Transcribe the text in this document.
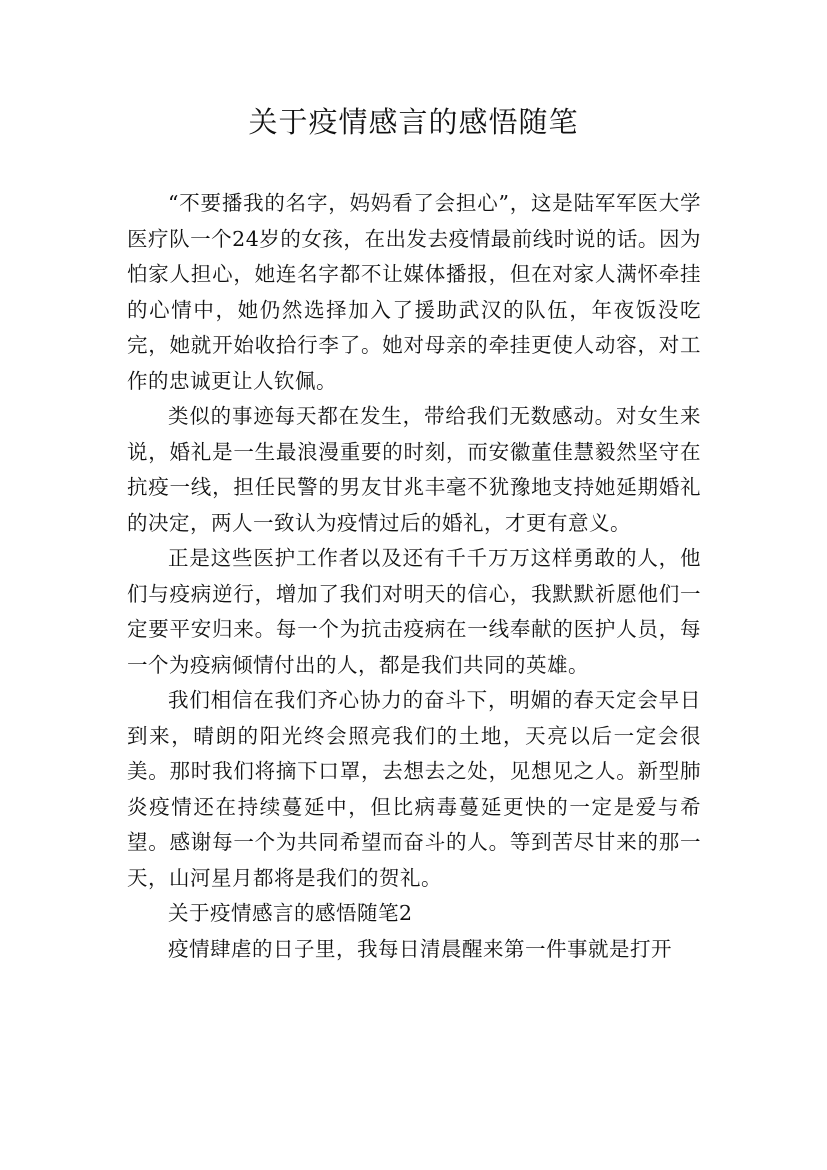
关于疫情感言的感悟随笔

“不要播我的名字，妈妈看了会担心”，这是陆军军医大学医疗队一个24岁的女孩，在出发去疫情最前线时说的话。因为怕家人担心，她连名字都不让媒体播报，但在对家人满怀牵挂的心情中，她仍然选择加入了援助武汉的队伍，年夜饭没吃完，她就开始收拾行李了。她对母亲的牵挂更使人动容，对工作的忠诚更让人钦佩。

类似的事迹每天都在发生，带给我们无数感动。对女生来说，婚礼是一生最浪漫重要的时刻，而安徽董佳慧毅然坚守在抗疫一线，担任民警的男友甘兆丰毫不犹豫地支持她延期婚礼的决定，两人一致认为疫情过后的婚礼，才更有意义。

正是这些医护工作者以及还有千千万万这样勇敢的人，他们与疫病逆行，增加了我们对明天的信心，我默默祈愿他们一定要平安归来。每一个为抗击疫病在一线奉献的医护人员，每一个为疫病倾情付出的人，都是我们共同的英雄。

我们相信在我们齐心协力的奋斗下，明媚的春天定会早日到来，晴朗的阳光终会照亮我们的土地，天亮以后一定会很美。那时我们将摘下口罩，去想去之处，见想见之人。新型肺炎疫情还在持续蔓延中，但比病毒蔓延更快的一定是爱与希望。感谢每一个为共同希望而奋斗的人。等到苦尽甘来的那一天，山河星月都将是我们的贺礼。

关于疫情感言的感悟随笔2

疫情肆虐的日子里，我每日清晨醒来第一件事就是打开
